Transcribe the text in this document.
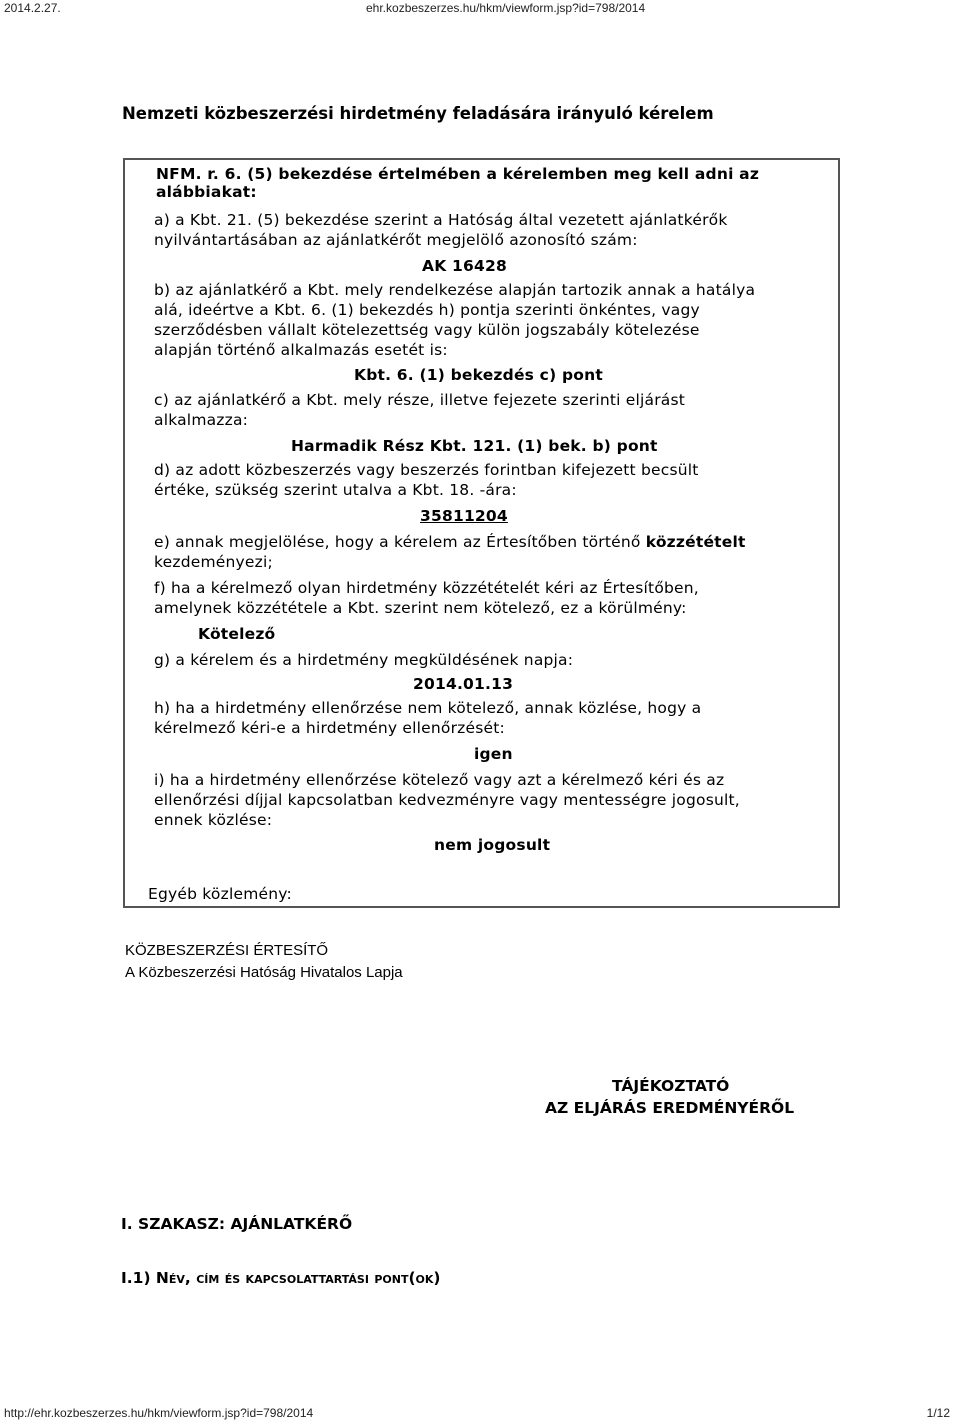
2014.2.27.	ehr.kozbeszerzes.hu/hkm/viewform.jsp?id=798/2014
Nemzeti közbeszerzési hirdetmény feladására irányuló kérelem
NFM. r. 6. (5) bekezdése értelmében a kérelemben meg kell adni az
alábbiakat:
a) a Kbt. 21. (5) bekezdése szerint a Hatóság által vezetett ajánlatkérők
nyilvántartásában az ajánlatkérőt megjelölő azonosító szám:
AK 16428
b) az ajánlatkérő a Kbt. mely rendelkezése alapján tartozik annak a hatálya
alá, ideértve a Kbt. 6. (1) bekezdés h) pontja szerinti önkéntes, vagy
szerződésben vállalt kötelezettség vagy külön jogszabály kötelezése
alapján történő alkalmazás esetét is:
Kbt. 6. (1) bekezdés c) pont
c) az ajánlatkérő a Kbt. mely része, illetve fejezete szerinti eljárást
alkalmazza:
Harmadik Rész Kbt. 121. (1) bek. b) pont
d) az adott közbeszerzés vagy beszerzés forintban kifejezett becsült
értéke, szükség szerint utalva a Kbt. 18. -ára:
35811204
e) annak megjelölése, hogy a kérelem az Értesítőben történő közzétételt
kezdeményezi;
f) ha a kérelmező olyan hirdetmény közzétételét kéri az Értesítőben,
amelynek közzététele a Kbt. szerint nem kötelező, ez a körülmény:
Kötelező
g) a kérelem és a hirdetmény megküldésének napja:
2014.01.13
h) ha a hirdetmény ellenőrzése nem kötelező, annak közlése, hogy a
kérelmező kéri-e a hirdetmény ellenőrzését:
igen
i) ha a hirdetmény ellenőrzése kötelező vagy azt a kérelmező kéri és az
ellenőrzési díjjal kapcsolatban kedvezményre vagy mentességre jogosult,
ennek közlése:
nem jogosult
Egyéb közlemény:
KÖZBESZERZÉSI ÉRTESÍTŐ
A Közbeszerzési Hatóság Hivatalos Lapja
TÁJÉKOZTATÓ
AZ ELJÁRÁS EREDMÉNYÉRŐL
I. SZAKASZ: AJÁNLATKÉRŐ
I.1) Név, cím és kapcsolattartási pont(ok)
http://ehr.kozbeszerzes.hu/hkm/viewform.jsp?id=798/2014	1/12
